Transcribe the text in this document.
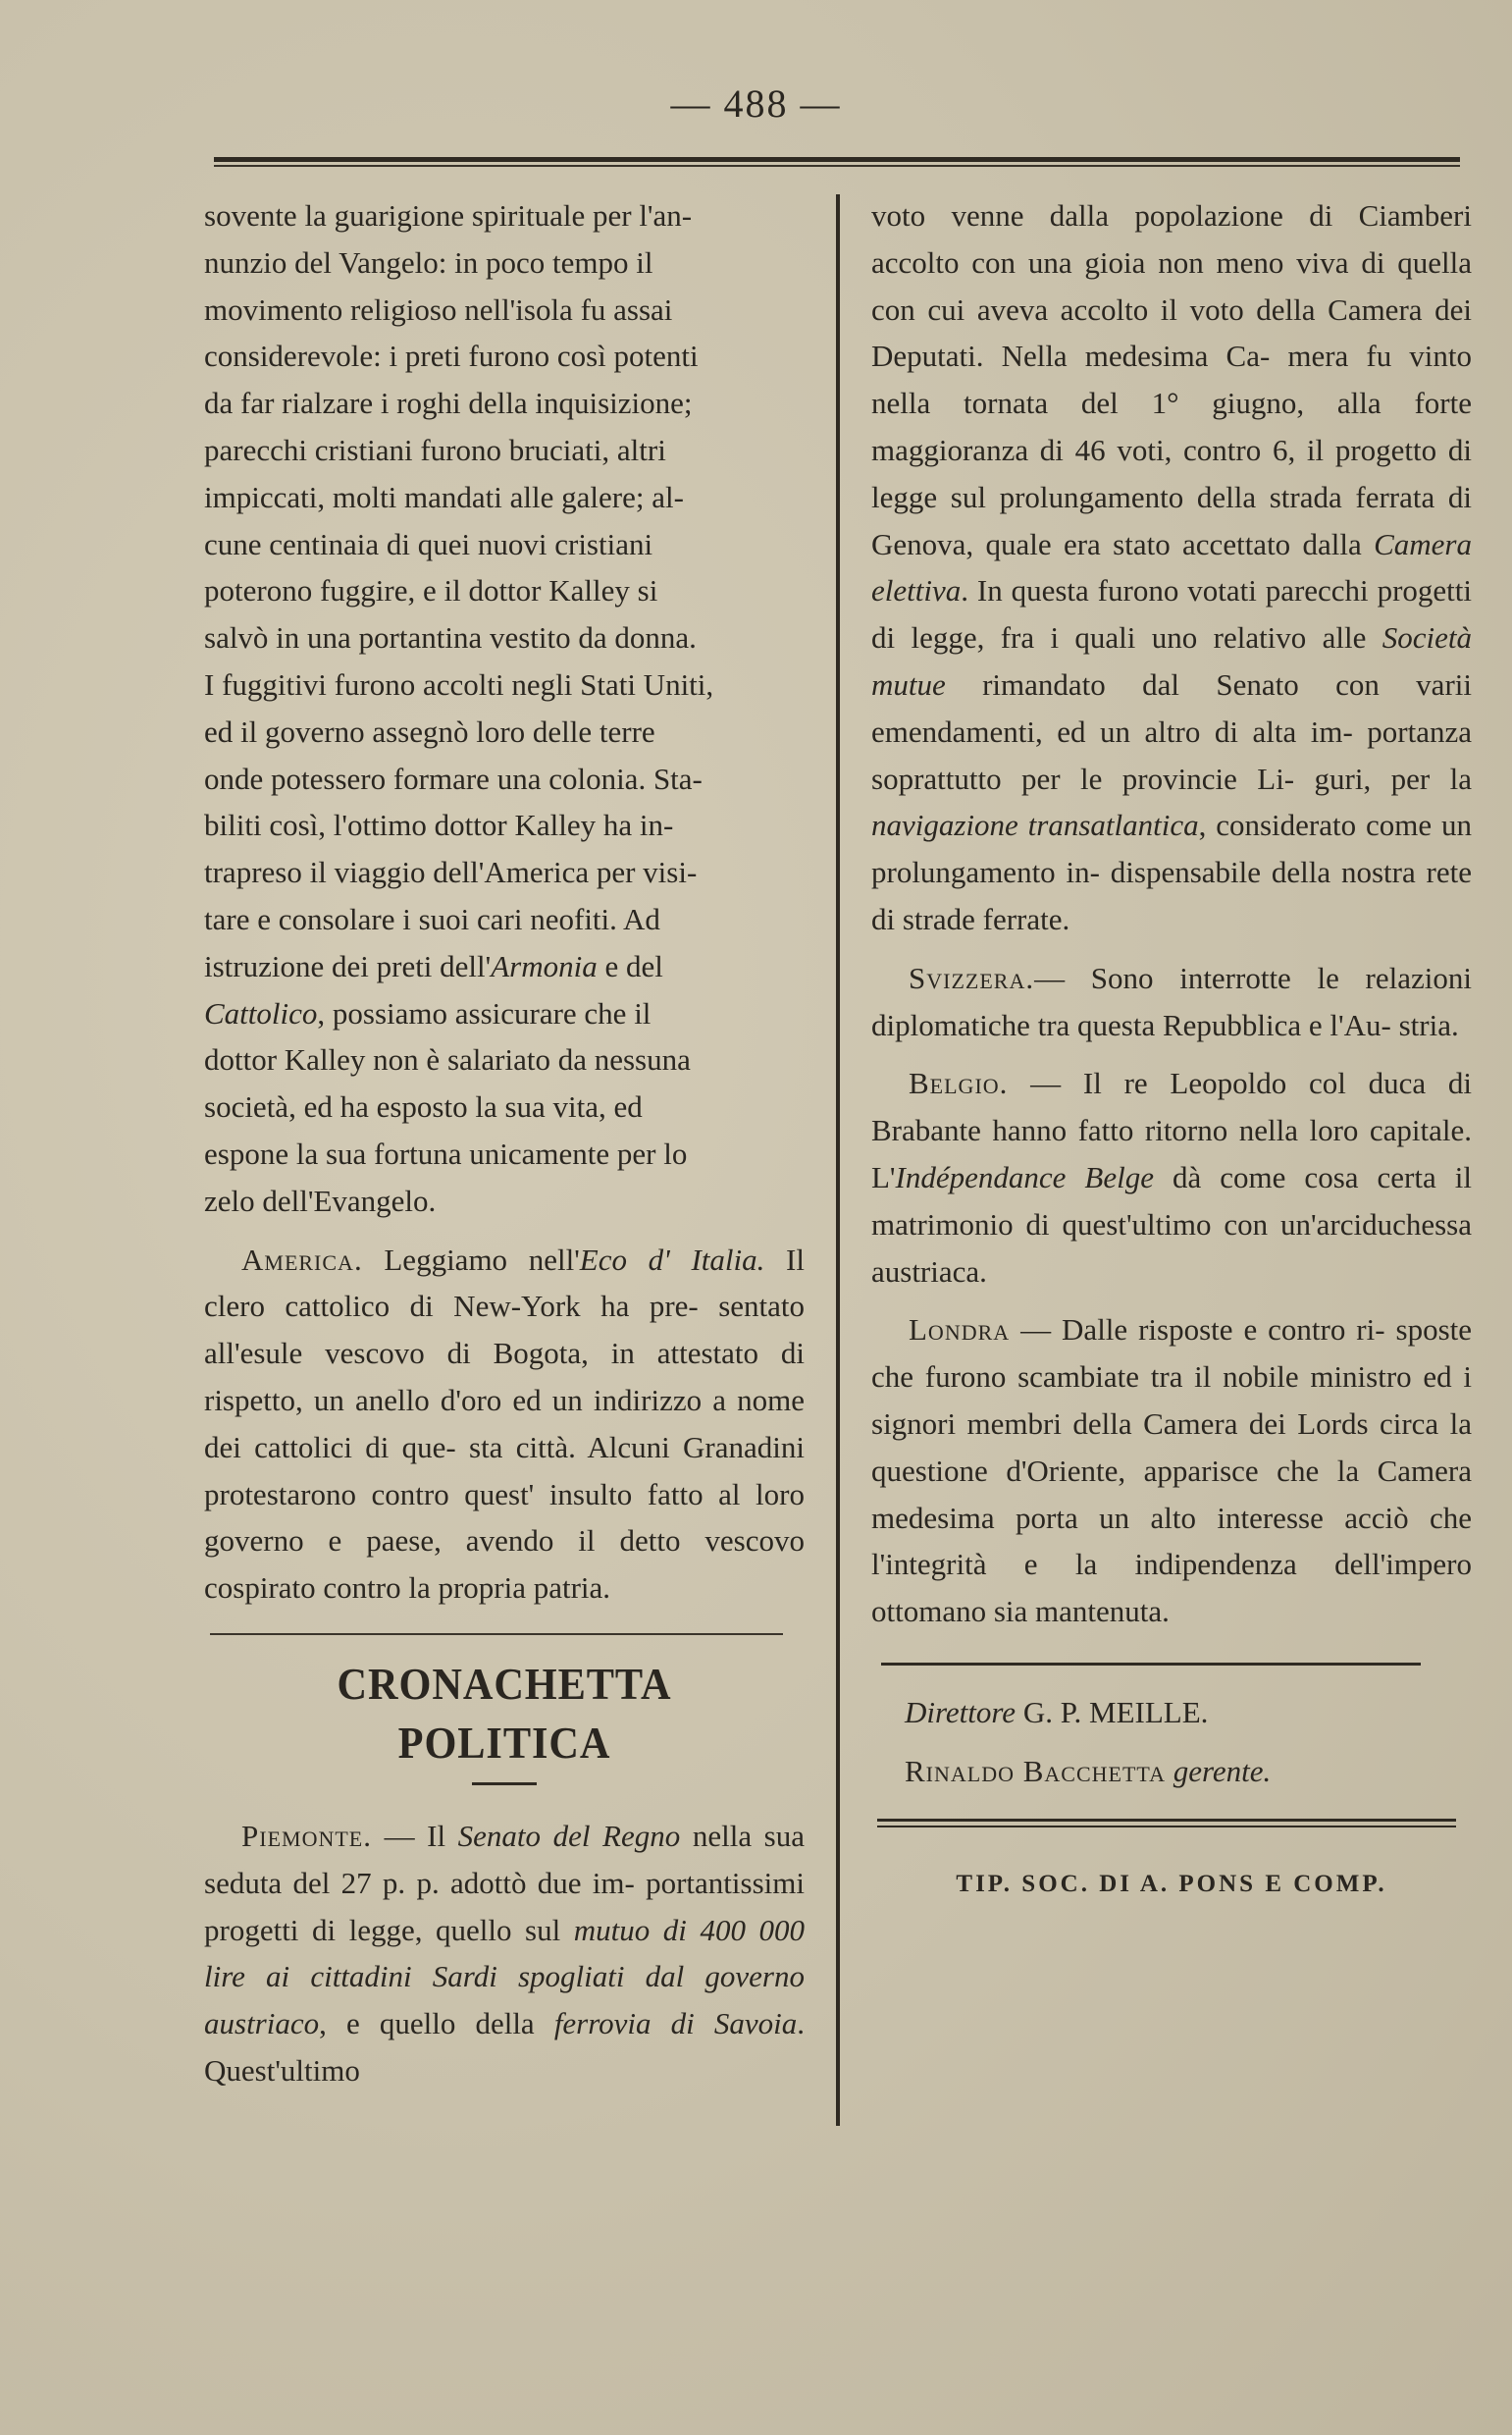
— 488 —
sovente la guarigione spirituale per l'an-
nunzio del Vangelo: in poco tempo il
movimento religioso nell'isola fu assai
considerevole: i preti furono così potenti
da far rialzare i roghi della inquisizione;
parecchi cristiani furono bruciati, altri
impiccati, molti mandati alle galere; al-
cune centinaia di quei nuovi cristiani
poterono fuggire, e il dottor Kalley si
salvò in una portantina vestito da donna.
I fuggitivi furono accolti negli Stati Uniti,
ed il governo assegnò loro delle terre
onde potessero formare una colonia. Sta-
biliti così, l'ottimo dottor Kalley ha in-
trapreso il viaggio dell'America per visi-
tare e consolare i suoi cari neofiti. Ad

istruzione dei preti dell'Armonia e del
Cattolico, possiamo assicurare che il
dottor Kalley non è salariato da nessuna
società, ed ha esposto la sua vita, ed
espone la sua fortuna unicamente per lo
zelo dell'Evangelo.

America. Leggiamo nell'Eco d' Italia. Il clero cattolico di New-York ha pre- sentato all'esule vescovo di Bogota, in attestato di rispetto, un anello d'oro ed un indirizzo a nome dei cattolici di que- sta città. Alcuni Granadini protestarono contro quest' insulto fatto al loro governo e paese, avendo il detto vescovo cospirato contro la propria patria.

CRONACHETTA POLITICA

Piemonte. — Il Senato del Regno nella sua seduta del 27 p. p. adottò due im- portantissimi progetti di legge, quello sul mutuo di 400 000 lire ai cittadini Sardi spogliati dal governo austriaco, e quello della ferrovia di Savoia. Quest'ultimo

voto venne dalla popolazione di Ciamberi accolto con una gioia non meno viva di quella con cui aveva accolto il voto della Camera dei Deputati. Nella medesima Ca- mera fu vinto nella tornata del 1° giugno, alla forte maggioranza di 46 voti, contro 6, il progetto di legge sul prolungamento della strada ferrata di Genova, quale era stato accettato dalla Camera elettiva. In questa furono votati parecchi progetti di legge, fra i quali uno relativo alle Società mutue rimandato dal Senato con varii emendamenti, ed un altro di alta im- portanza soprattutto per le provincie Li- guri, per la navigazione transatlantica, considerato come un prolungamento in- dispensabile della nostra rete di strade ferrate.

Svizzera.— Sono interrotte le relazioni diplomatiche tra questa Repubblica e l'Au- stria.

Belgio. — Il re Leopoldo col duca di Brabante hanno fatto ritorno nella loro capitale. L'Indépendance Belge dà come cosa certa il matrimonio di quest'ultimo con un'arciduchessa austriaca.

Londra — Dalle risposte e contro ri- sposte che furono scambiate tra il nobile ministro ed i signori membri della Camera dei Lords circa la questione d'Oriente, apparisce che la Camera medesima porta un alto interesse acciò che l'integrità e la indipendenza dell'impero ottomano sia mantenuta.

Direttore G. P. MEILLE.

Rinaldo Bacchetta gerente.

TIP. SOC. DI A. PONS E COMP.
